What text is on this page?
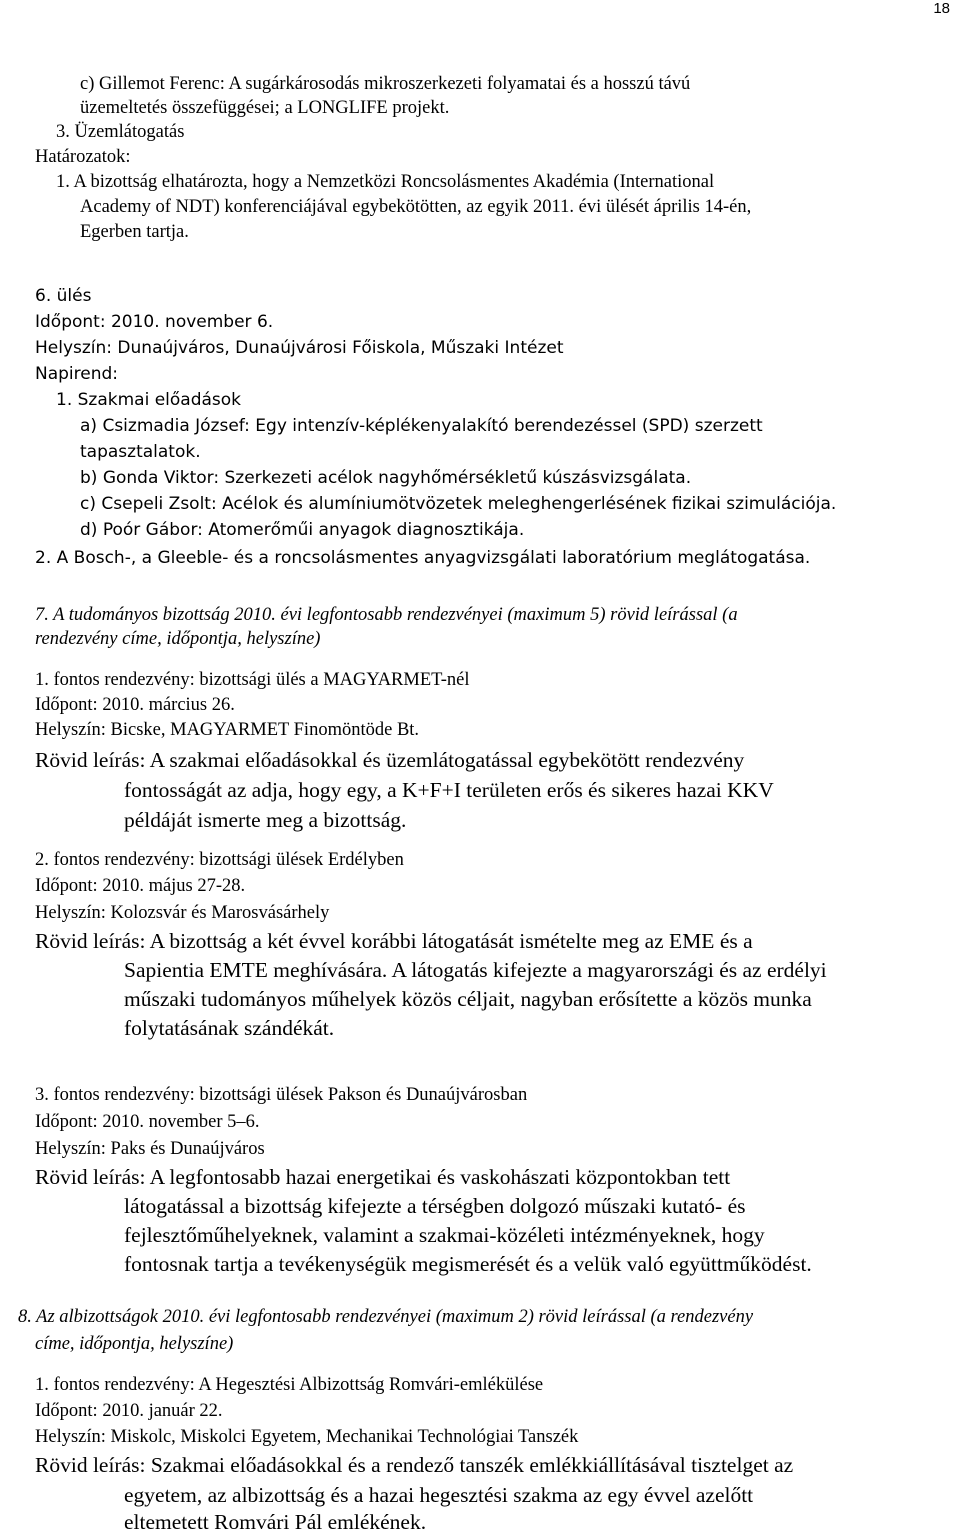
18
c) Gillemot Ferenc: A sugárkárosodás mikroszerkezeti folyamatai és a hosszú távú
üzemeltetés összefüggései; a LONGLIFE projekt.
3. Üzemlátogatás
Határozatok:
1. A bizottság elhatározta, hogy a Nemzetközi Roncsolásmentes Akadémia (International
Academy of NDT) konferenciájával egybekötötten, az egyik 2011. évi ülését április 14-én,
Egerben tartja.
6. ülés
Időpont: 2010. november 6.
Helyszín: Dunaújváros, Dunaújvárosi Főiskola, Műszaki Intézet
Napirend:
1. Szakmai előadások
a) Csizmadia József: Egy intenzív-képlékenyalakító berendezéssel (SPD) szerzett
tapasztalatok.
b) Gonda Viktor: Szerkezeti acélok nagyhőmérsékletű kúszásvizsgálata.
c) Csepeli Zsolt: Acélok és alumíniumötvözetek meleghengerlésének fizikai szimulációja.
d) Poór Gábor: Atomerőműi anyagok diagnosztikája.
2. A Bosch-, a Gleeble- és a roncsolásmentes anyagvizsgálati laboratórium meglátogatása.
7. A tudományos bizottság 2010. évi legfontosabb rendezvényei (maximum 5) rövid leírással (a
rendezvény címe, időpontja, helyszíne)
1. fontos rendezvény: bizottsági ülés a MAGYARMET-nél
Időpont: 2010. március 26.
Helyszín: Bicske, MAGYARMET Finomöntöde Bt.
Rövid leírás: A szakmai előadásokkal és üzemlátogatással egybekötött rendezvény
fontosságát az adja, hogy egy, a K+F+I területen erős és sikeres hazai KKV
példáját ismerte meg a bizottság.
2. fontos rendezvény: bizottsági ülések Erdélyben
Időpont: 2010. május 27-28.
Helyszín: Kolozsvár és Marosvásárhely
Rövid leírás: A bizottság a két évvel korábbi látogatását ismételte meg az EME és a
Sapientia EMTE meghívására. A látogatás kifejezte a magyarországi és az erdélyi
műszaki tudományos műhelyek közös céljait, nagyban erősítette a közös munka
folytatásának szándékát.
3. fontos rendezvény: bizottsági ülések Pakson és Dunaújvárosban
Időpont: 2010. november 5–6.
Helyszín: Paks és Dunaújváros
Rövid leírás: A legfontosabb hazai energetikai és vaskohászati központokban tett
látogatással a bizottság kifejezte a térségben dolgozó műszaki kutató- és
fejlesztőműhelyeknek, valamint a szakmai-közéleti intézményeknek, hogy
fontosnak tartja a tevékenységük megismerését és a velük való együttműködést.
8. Az albizottságok 2010. évi legfontosabb rendezvényei (maximum 2) rövid leírással (a rendezvény
címe, időpontja, helyszíne)
1. fontos rendezvény: A Hegesztési Albizottság Romvári-emlékülése
Időpont: 2010. január 22.
Helyszín: Miskolc, Miskolci Egyetem, Mechanikai Technológiai Tanszék
Rövid leírás: Szakmai előadásokkal és a rendező tanszék emlékkiállításával tisztelget az
egyetem, az albizottság és a hazai hegesztési szakma az egy évvel azelőtt
eltemetett Romvári Pál emlékének.
